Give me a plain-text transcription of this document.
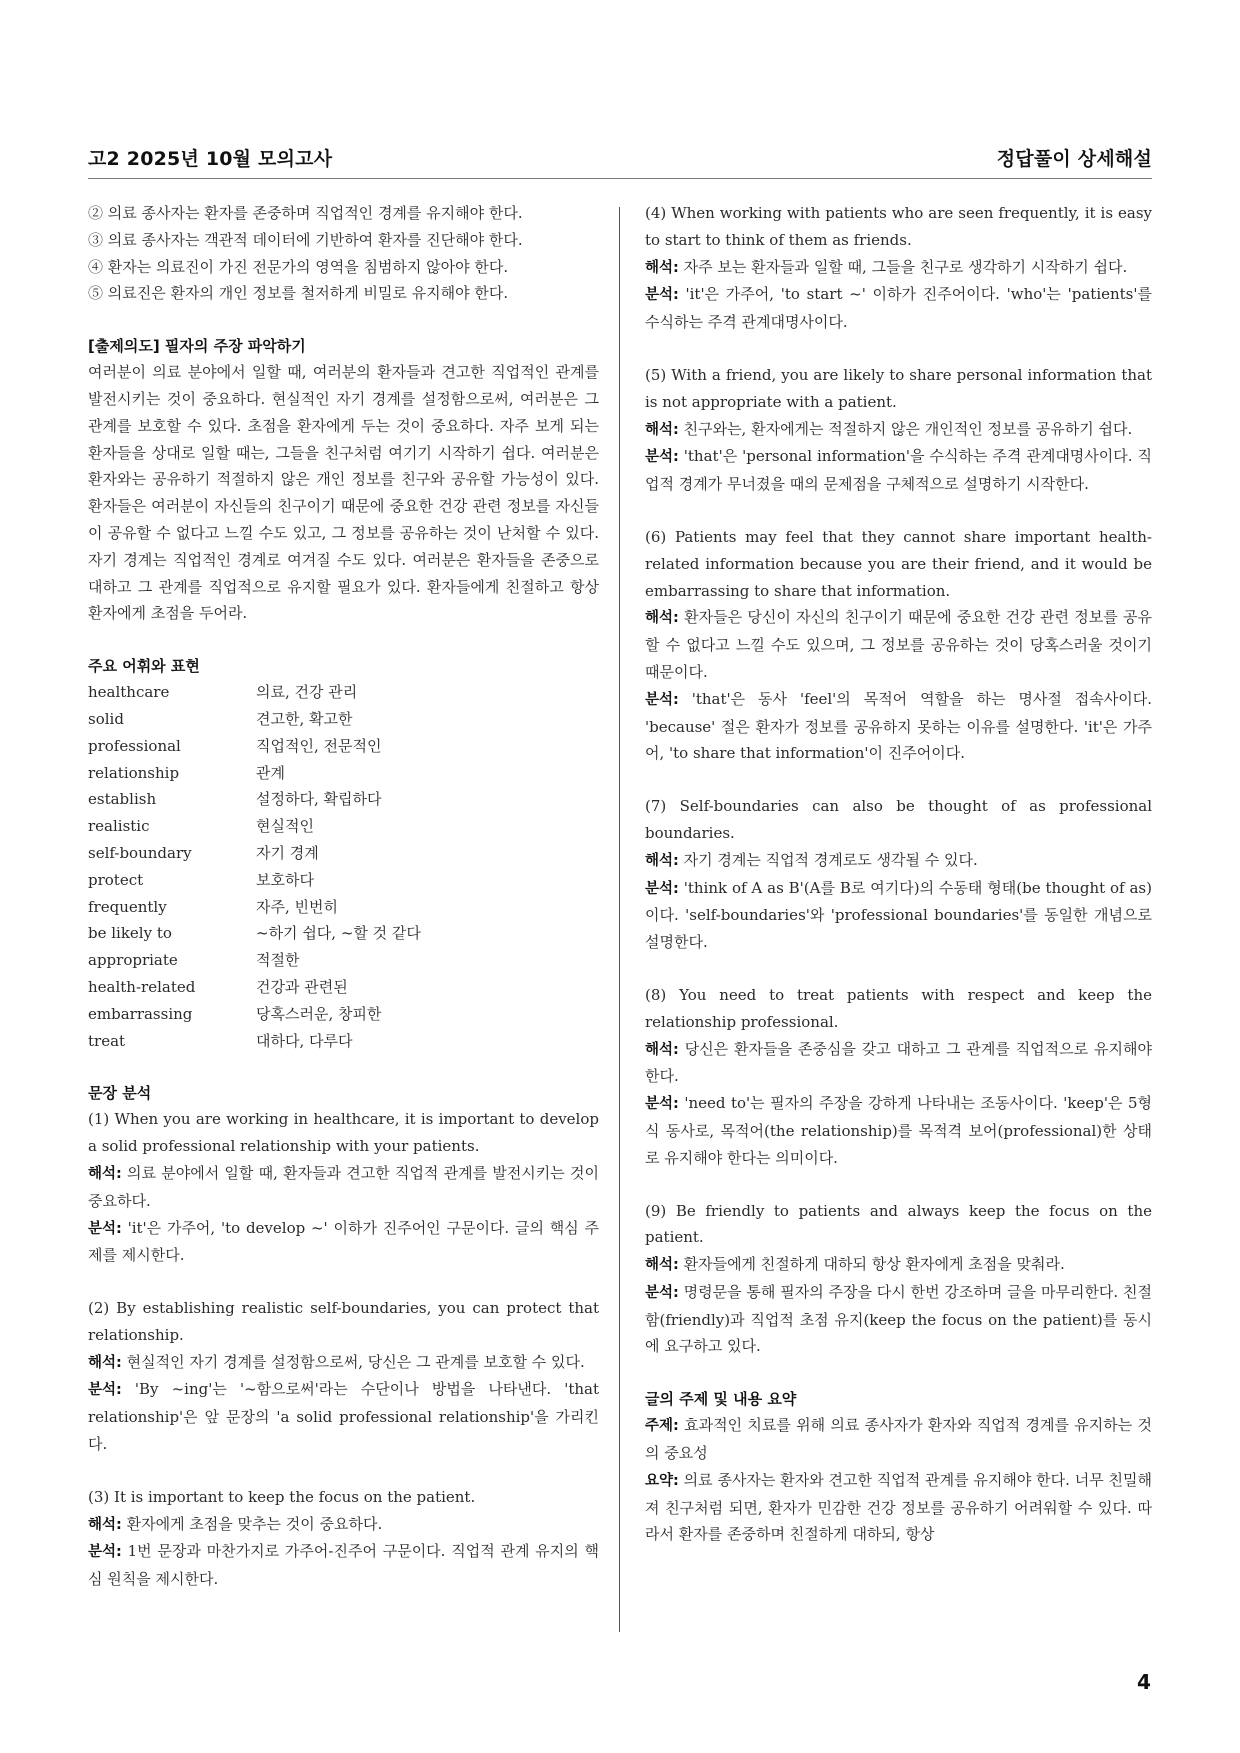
고2 2025년 10월 모의고사	정답풀이 상세해설
② 의료 종사자는 환자를 존중하며 직업적인 경계를 유지해야 한다.
③ 의료 종사자는 객관적 데이터에 기반하여 환자를 진단해야 한다.
④ 환자는 의료진이 가진 전문가의 영역을 침범하지 않아야 한다.
⑤ 의료진은 환자의 개인 정보를 철저하게 비밀로 유지해야 한다.
[출제의도] 필자의 주장 파악하기

여러분이 의료 분야에서 일할 때, 여러분의 환자들과 견고한 직업적인 관계를 발전시키는 것이 중요하다. 현실적인 자기 경계를 설정함으로써, 여러분은 그 관계를 보호할 수 있다. 초점을 환자에게 두는 것이 중요하다. 자주 보게 되는 환자들을 상대로 일할 때는, 그들을 친구처럼 여기기 시작하기 쉽다. 여러분은 환자와는 공유하기 적절하지 않은 개인 정보를 친구와 공유할 가능성이 있다. 환자들은 여러분이 자신들의 친구이기 때문에 중요한 건강 관련 정보를 자신들이 공유할 수 없다고 느낄 수도 있고, 그 정보를 공유하는 것이 난처할 수 있다. 자기 경계는 직업적인 경계로 여겨질 수도 있다. 여러분은 환자들을 존중으로 대하고 그 관계를 직업적으로 유지할 필요가 있다. 환자들에게 친절하고 항상 환자에게 초점을 두어라.

주요 어휘와 표현
healthcare	의료, 건강 관리
solid	견고한, 확고한
professional	직업적인, 전문적인
relationship	관계
establish	설정하다, 확립하다
realistic	현실적인
self-boundary	자기 경계
protect	보호하다
frequently	자주, 빈번히
be likely to	~하기 쉽다, ~할 것 같다
appropriate	적절한
health-related	건강과 관련된
embarrassing	당혹스러운, 창피한
treat	대하다, 다루다
문장 분석

(1) When you are working in healthcare, it is important to develop a solid professional relationship with your patients.

해석: 의료 분야에서 일할 때, 환자들과 견고한 직업적 관계를 발전시키는 것이 중요하다.

분석: 'it'은 가주어, 'to develop ~' 이하가 진주어인 구문이다. 글의 핵심 주제를 제시한다.

(2) By establishing realistic self-boundaries, you can protect that relationship.

해석: 현실적인 자기 경계를 설정함으로써, 당신은 그 관계를 보호할 수 있다.

분석: 'By ~ing'는 '~함으로써'라는 수단이나 방법을 나타낸다. 'that relationship'은 앞 문장의 'a solid professional relationship'을 가리킨다.

(3) It is important to keep the focus on the patient.

해석: 환자에게 초점을 맞추는 것이 중요하다.

분석: 1번 문장과 마찬가지로 가주어-진주어 구문이다. 직업적 관계 유지의 핵심 원칙을 제시한다.

(4) When working with patients who are seen frequently, it is easy to start to think of them as friends.

해석: 자주 보는 환자들과 일할 때, 그들을 친구로 생각하기 시작하기 쉽다.

분석: 'it'은 가주어, 'to start ~' 이하가 진주어이다. 'who'는 'patients'를 수식하는 주격 관계대명사이다.

(5) With a friend, you are likely to share personal information that is not appropriate with a patient.

해석: 친구와는, 환자에게는 적절하지 않은 개인적인 정보를 공유하기 쉽다.

분석: 'that'은 'personal information'을 수식하는 주격 관계대명사이다. 직업적 경계가 무너졌을 때의 문제점을 구체적으로 설명하기 시작한다.

(6) Patients may feel that they cannot share important health-related information because you are their friend, and it would be embarrassing to share that information.

해석: 환자들은 당신이 자신의 친구이기 때문에 중요한 건강 관련 정보를 공유할 수 없다고 느낄 수도 있으며, 그 정보를 공유하는 것이 당혹스러울 것이기 때문이다.

분석: 'that'은 동사 'feel'의 목적어 역할을 하는 명사절 접속사이다. 'because' 절은 환자가 정보를 공유하지 못하는 이유를 설명한다. 'it'은 가주어, 'to share that information'이 진주어이다.

(7) Self-boundaries can also be thought of as professional boundaries.

해석: 자기 경계는 직업적 경계로도 생각될 수 있다.

분석: 'think of A as B'(A를 B로 여기다)의 수동태 형태(be thought of as)이다. 'self-boundaries'와 'professional boundaries'를 동일한 개념으로 설명한다.

(8) You need to treat patients with respect and keep the relationship professional.

해석: 당신은 환자들을 존중심을 갖고 대하고 그 관계를 직업적으로 유지해야 한다.

분석: 'need to'는 필자의 주장을 강하게 나타내는 조동사이다. 'keep'은 5형식 동사로, 목적어(the relationship)를 목적격 보어(professional)한 상태로 유지해야 한다는 의미이다.

(9) Be friendly to patients and always keep the focus on the patient.

해석: 환자들에게 친절하게 대하되 항상 환자에게 초점을 맞춰라.

분석: 명령문을 통해 필자의 주장을 다시 한번 강조하며 글을 마무리한다. 친절함(friendly)과 직업적 초점 유지(keep the focus on the patient)를 동시에 요구하고 있다.

글의 주제 및 내용 요약

주제: 효과적인 치료를 위해 의료 종사자가 환자와 직업적 경계를 유지하는 것의 중요성

요약: 의료 종사자는 환자와 견고한 직업적 관계를 유지해야 한다. 너무 친밀해져 친구처럼 되면, 환자가 민감한 건강 정보를 공유하기 어려워할 수 있다. 따라서 환자를 존중하며 친절하게 대하되, 항상

4
